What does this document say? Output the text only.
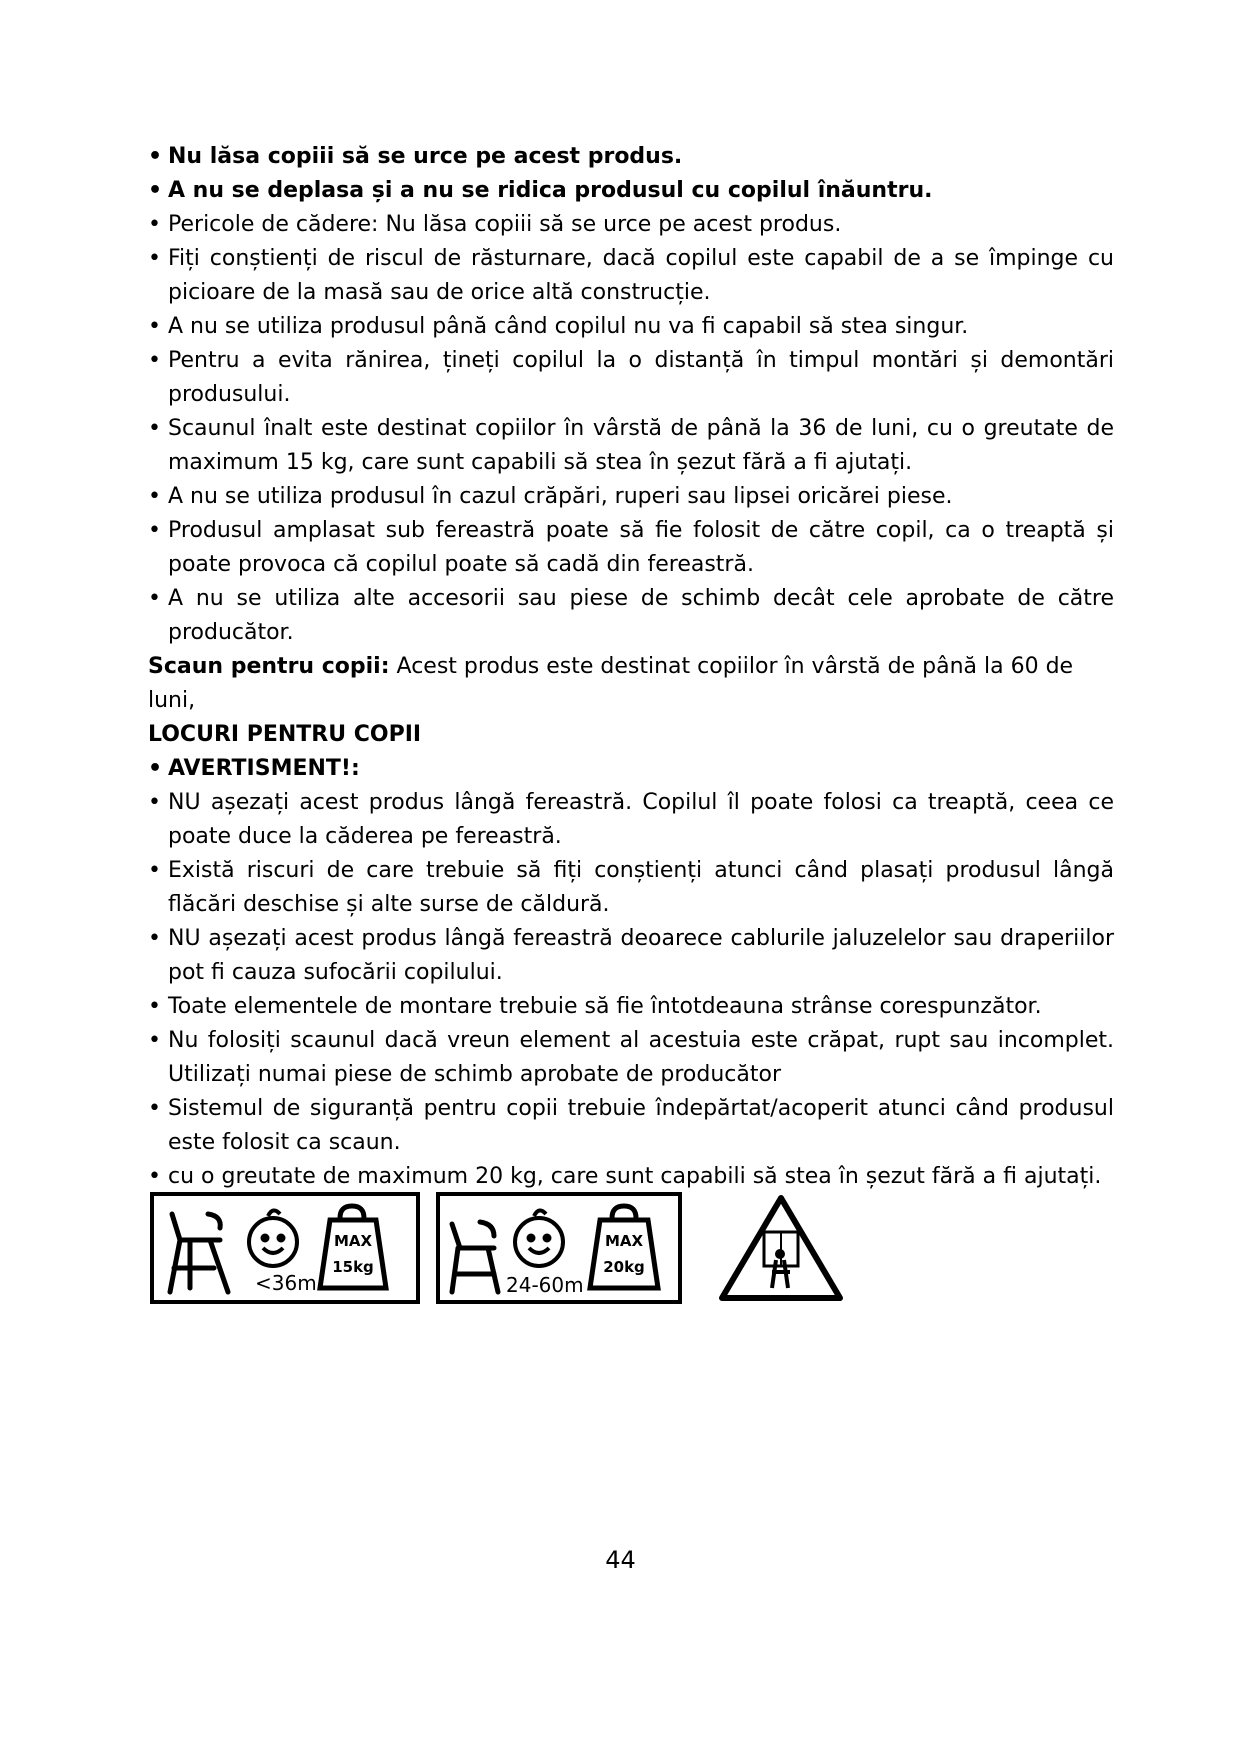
• Nu lăsa copiii să se urce pe acest produs.
• A nu se deplasa și a nu se ridica produsul cu copilul înăuntru.
• Pericole de cădere: Nu lăsa copiii să se urce pe acest produs.
• Fiți conștienți de riscul de răsturnare, dacă copilul este capabil de a se împinge cu picioare de la masă sau de orice altă construcție.
• A nu se utiliza produsul până când copilul nu va fi capabil să stea singur.
• Pentru a evita rănirea, țineți copilul la o distanță în timpul montări și demontări produsului.
• Scaunul înalt este destinat copiilor în vârstă de până la 36 de luni, cu o greutate de maximum 15 kg, care sunt capabili să stea în șezut fără a fi ajutați.
• A nu se utiliza produsul în cazul crăpări, ruperi sau lipsei oricărei piese.
• Produsul amplasat sub fereastră poate să fie folosit de către copil, ca o treaptă și poate provoca că copilul poate să cadă din fereastră.
• A nu se utiliza alte accesorii sau piese de schimb decât cele aprobate de către producător.
Scaun pentru copii: Acest produs este destinat copiilor în vârstă de până la 60 de luni,
LOCURI PENTRU COPII
• AVERTISMENT!:
• NU așezați acest produs lângă fereastră. Copilul îl poate folosi ca treaptă, ceea ce poate duce la căderea pe fereastră.
• Există riscuri de care trebuie să fiți conștienți atunci când plasați produsul lângă flăcări deschise și alte surse de căldură.
• NU așezați acest produs lângă fereastră deoarece cablurile jaluzelelor sau draperiilor pot fi cauza sufocării copilului.
• Toate elementele de montare trebuie să fie întotdeauna strânse corespunzător.
• Nu folosiți scaunul dacă vreun element al acestuia este crăpat, rupt sau incomplet. Utilizați numai piese de schimb aprobate de producător
• Sistemul de siguranță pentru copii trebuie îndepărtat/acoperit atunci când produsul este folosit ca scaun.
• cu o greutate de maximum 20 kg, care sunt capabili să stea în șezut fără a fi ajutați.
<36m
MAX
15kg
24-60m
MAX
20kg
44
